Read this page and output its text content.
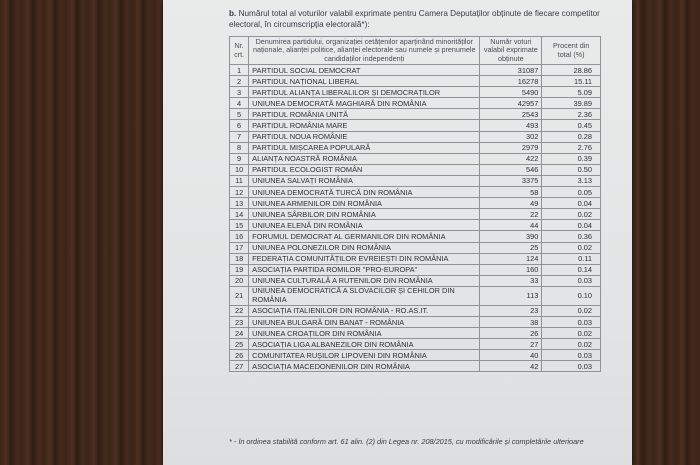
b. Numărul total al voturilor valabil exprimate pentru Camera Deputaților obținute de fiecare competitor electoral, în circumscripția electorală*):
Nr. crt.	Denumirea partidului, organizației cetățenilor aparținând minorităților naționale, alianței politice, alianței electorale sau numele și prenumele candidaților independenți	Număr voturi valabil exprimate obținute	Procent din total (%)
1	PARTIDUL SOCIAL DEMOCRAT	31087	28.86
2	PARTIDUL NAȚIONAL LIBERAL	16278	15.11
3	PARTIDUL ALIANȚA LIBERALILOR ȘI DEMOCRAȚILOR	5490	5.09
4	UNIUNEA DEMOCRATĂ MAGHIARĂ DIN ROMÂNIA	42957	39.89
5	PARTIDUL ROMÂNIA UNITĂ	2543	2.36
6	PARTIDUL ROMÂNIA MARE	493	0.45
7	PARTIDUL NOUA ROMÂNIE	302	0.28
8	PARTIDUL MIȘCAREA POPULARĂ	2979	2.76
9	ALIANȚA NOASTRĂ ROMÂNIA	422	0.39
10	PARTIDUL ECOLOGIST ROMÂN	546	0.50
11	UNIUNEA SALVAȚI ROMÂNIA	3375	3.13
12	UNIUNEA DEMOCRATĂ TURCĂ DIN ROMÂNIA	58	0.05
13	UNIUNEA ARMENILOR DIN ROMÂNIA	49	0.04
14	UNIUNEA SÂRBILOR DIN ROMÂNIA	22	0.02
15	UNIUNEA ELENĂ DIN ROMÂNIA	44	0.04
16	FORUMUL DEMOCRAT AL GERMANILOR DIN ROMÂNIA	390	0.36
17	UNIUNEA POLONEZILOR DIN ROMÂNIA	25	0.02
18	FEDERAȚIA COMUNITĂȚILOR EVREIEȘTI DIN ROMÂNIA	124	0.11
19	ASOCIAȚIA PARTIDA ROMILOR "PRO-EUROPA"	160	0.14
20	UNIUNEA CULTURALĂ A RUTENILOR DIN ROMÂNIA	33	0.03
21	UNIUNEA DEMOCRATICĂ A SLOVACILOR ȘI CEHILOR DIN ROMÂNIA	113	0.10
22	ASOCIAȚIA ITALIENILOR DIN ROMÂNIA - RO.AS.IT.	23	0.02
23	UNIUNEA BULGARĂ DIN BANAT - ROMÂNIA	38	0.03
24	UNIUNEA CROAȚILOR DIN ROMÂNIA	26	0.02
25	ASOCIAȚIA LIGA ALBANEZILOR DIN ROMÂNIA	27	0.02
26	COMUNITATEA RUȘILOR LIPOVENI DIN ROMÂNIA	40	0.03
27	ASOCIAȚIA MACEDONENILOR DIN ROMÂNIA	42	0.03
* - în ordinea stabilită conform art. 61 alin. (2) din Legea nr. 208/2015, cu modificările și completările ulterioare
